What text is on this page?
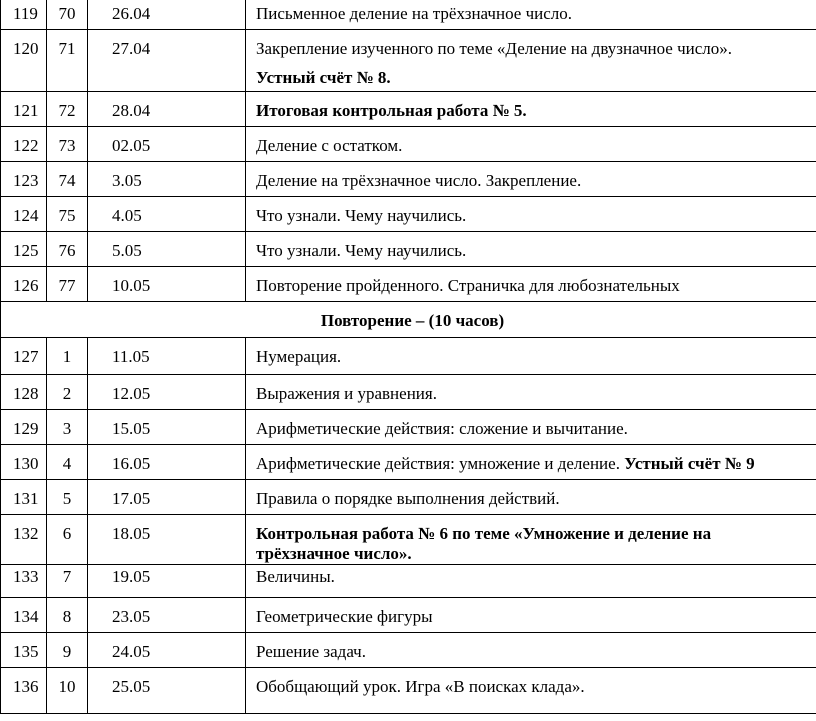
119	70	26.04	Письменное деление на трёхзначное число.

120	71	27.04	Закрепление изученного по теме «Деление на двузначное число».
Устный счёт № 8.

121	72	28.04	Итоговая контрольная работа № 5.

122	73	02.05	Деление с остатком.

123	74	3.05	Деление на трёхзначное число. Закрепление.

124	75	4.05	Что узнали. Чему научились.

125	76	5.05	Что узнали. Чему научились.

126	77	10.05	Повторение пройденного. Страничка для любознательных

Повторение – (10 часов)			

127	1	11.05	Нумерация.

128	2	12.05	Выражения и уравнения.

129	3	15.05	Арифметические действия: сложение и вычитание.

130	4	16.05	Арифметические действия: умножение и деление. Устный счёт № 9

131	5	17.05	Правила о порядке выполнения действий.

132	6	18.05	Контрольная работа № 6 по теме «Умножение и деление на трёхзначное число».

133	7	19.05	Величины.

134	8	23.05	Геометрические фигуры

135	9	24.05	Решение задач.

136	10	25.05	Обобщающий урок. Игра «В поисках клада».
